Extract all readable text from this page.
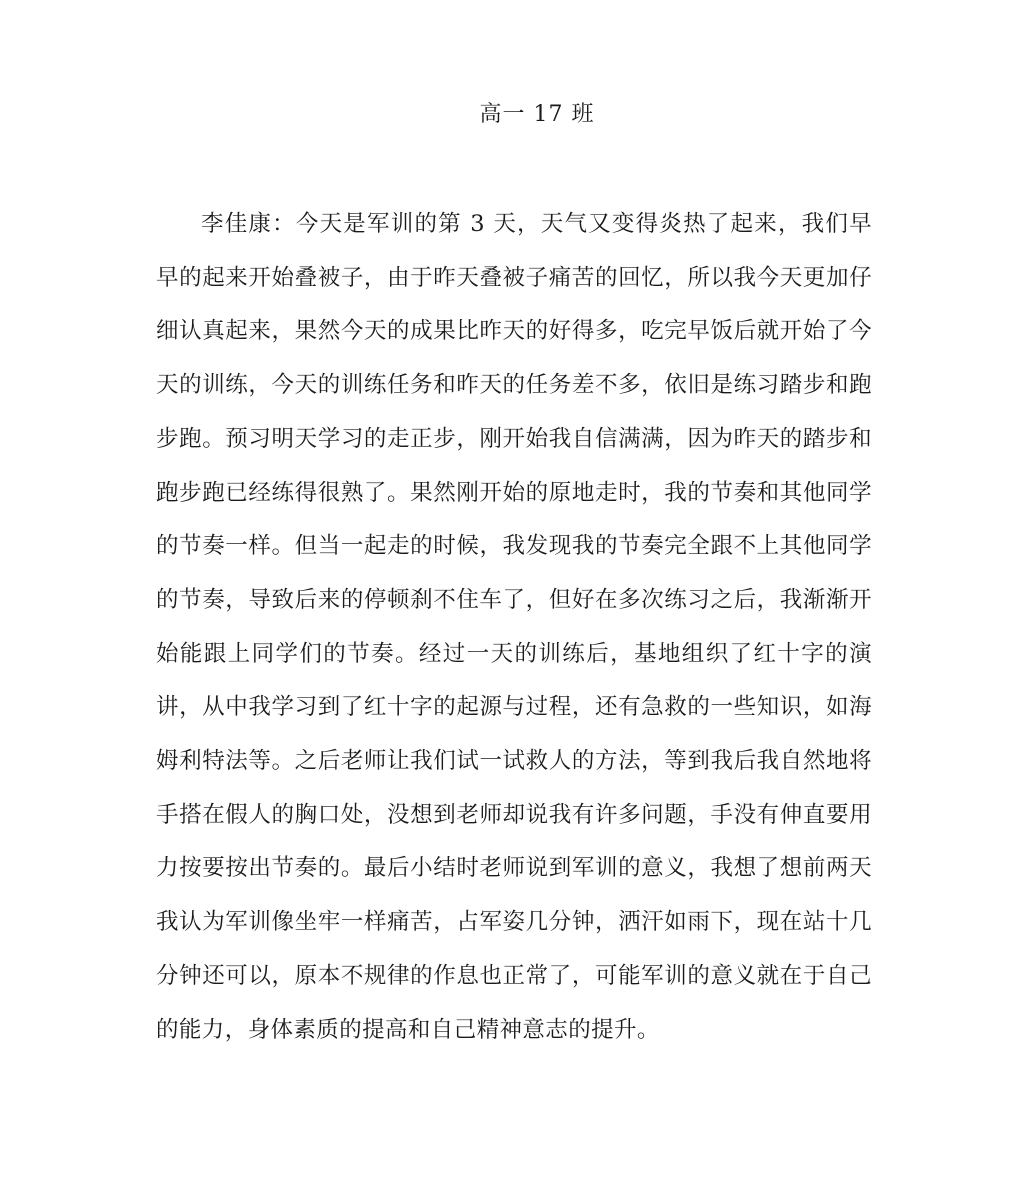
高一 17 班

李佳康：今天是军训的第 3 天，天气又变得炎热了起来，我们早早的起来开始叠被子，由于昨天叠被子痛苦的回忆，所以我今天更加仔细认真起来，果然今天的成果比昨天的好得多，吃完早饭后就开始了今天的训练，今天的训练任务和昨天的任务差不多，依旧是练习踏步和跑步跑。预习明天学习的走正步，刚开始我自信满满，因为昨天的踏步和跑步跑已经练得很熟了。果然刚开始的原地走时，我的节奏和其他同学的节奏一样。但当一起走的时候，我发现我的节奏完全跟不上其他同学的节奏，导致后来的停顿刹不住车了，但好在多次练习之后，我渐渐开始能跟上同学们的节奏。经过一天的训练后，基地组织了红十字的演讲，从中我学习到了红十字的起源与过程，还有急救的一些知识，如海姆利特法等。之后老师让我们试一试救人的方法，等到我后我自然地将手搭在假人的胸口处，没想到老师却说我有许多问题，手没有伸直要用力按要按出节奏的。最后小结时老师说到军训的意义，我想了想前两天我认为军训像坐牢一样痛苦，占军姿几分钟，洒汗如雨下，现在站十几分钟还可以，原本不规律的作息也正常了，可能军训的意义就在于自己的能力，身体素质的提高和自己精神意志的提升。
